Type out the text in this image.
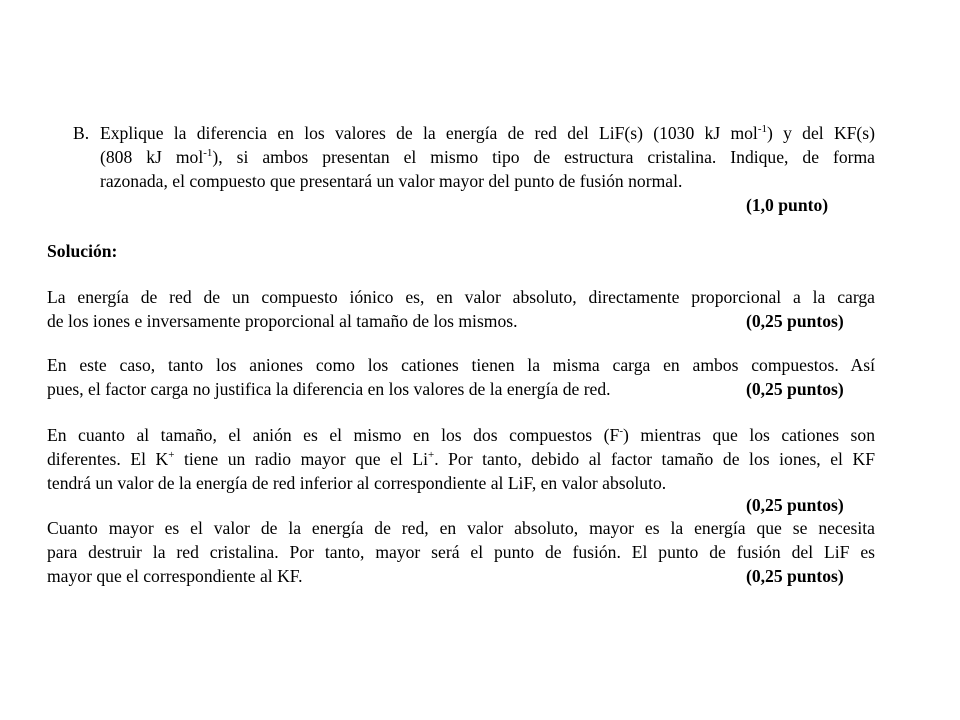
B. Explique la diferencia en los valores de la energía de red del LiF(s) (1030 kJ mol$^{-1}$) y del KF(s)
(808 kJ mol$^{-1}$), si ambos presentan el mismo tipo de estructura cristalina. Indique, de forma
razonada, el compuesto que presentará un valor mayor del punto de fusión normal.
(1,0 punto)
Solución:
La energía de red de un compuesto iónico es, en valor absoluto, directamente proporcional a la carga
de los iones e inversamente proporcional al tamaño de los mismos.	(0,25 puntos)
En este caso, tanto los aniones como los cationes tienen la misma carga en ambos compuestos. Así
pues, el factor carga no justifica la diferencia en los valores de la energía de red.	(0,25 puntos)
En cuanto al tamaño, el anión es el mismo en los dos compuestos (F-) mientras que los cationes son
diferentes. El K+ tiene un radio mayor que el Li+. Por tanto, debido al factor tamaño de los iones, el KF
tendrá un valor de la energía de red inferior al correspondiente al LiF, en valor absoluto.
(0,25 puntos)
Cuanto mayor es el valor de la energía de red, en valor absoluto, mayor es la energía que se necesita
para destruir la red cristalina. Por tanto, mayor será el punto de fusión. El punto de fusión del LiF es
mayor que el correspondiente al KF.	(0,25 puntos)
